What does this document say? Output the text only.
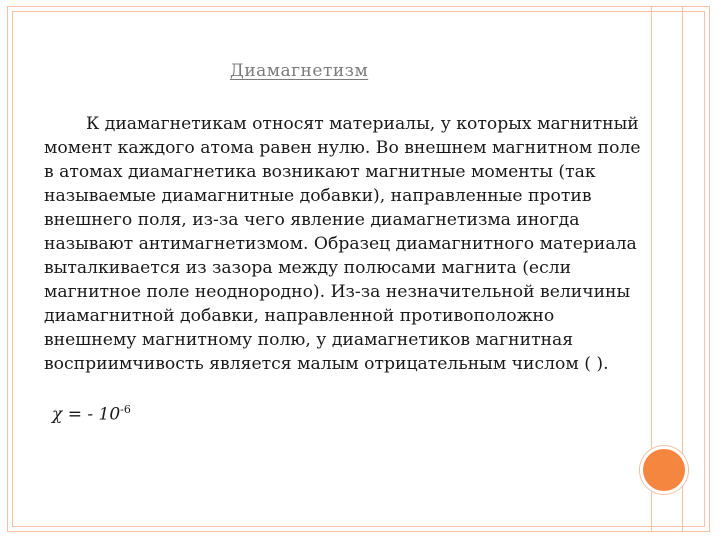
Диамагнетизм

К диамагнетикам относят материалы, у которых магнитный момент каждого атома равен нулю. Во внешнем магнитном поле в атомах диамагнетика возникают магнитные моменты (так называемые диамагнитные добавки), направленные против внешнего поля, из-за чего явление диамагнетизма иногда называют антимагнетизмом. Образец диамагнитного материала выталкивается из зазора между полюсами магнита (если магнитное поле неоднородно). Из-за незначительной величины диамагнитной добавки, направленной противоположно внешнему магнитному полю, у диамагнетиков магнитная восприимчивость является малым отрицательным числом ( ).

χ = - $10^{-6}$
